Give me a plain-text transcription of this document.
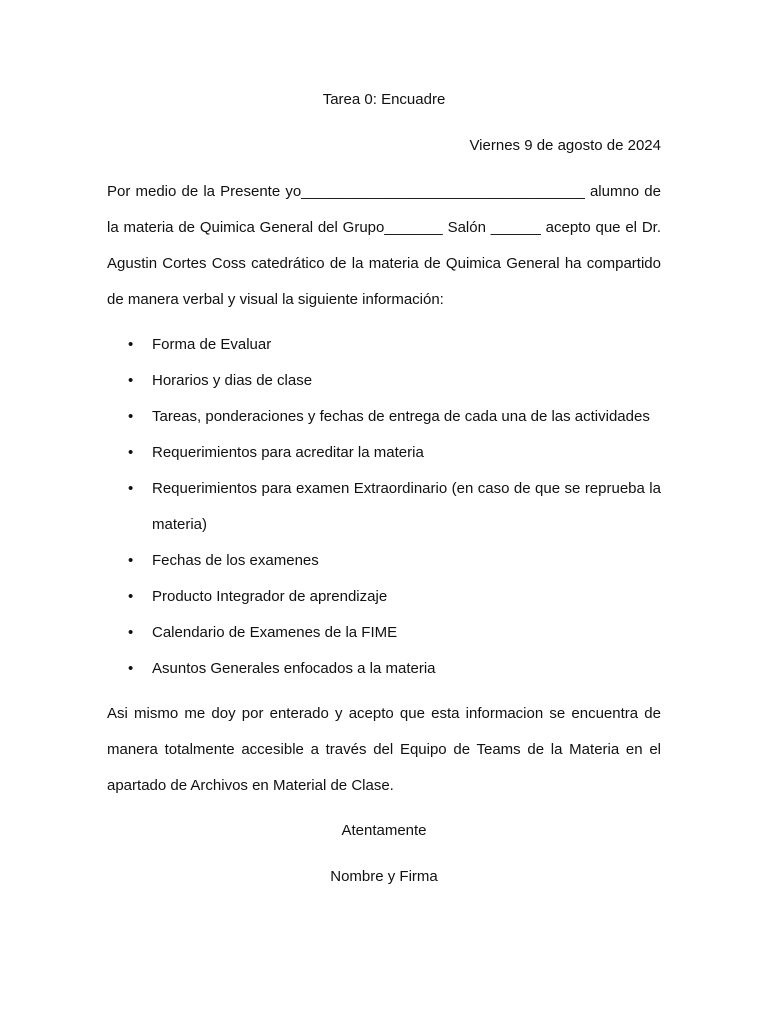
Tarea 0: Encuadre
Viernes 9 de agosto de 2024

Por medio de la Presente yo__________________________________ alumno de la materia de Quimica General del Grupo_______ Salón ______ acepto que el Dr. Agustin Cortes Coss catedrático de la materia de Quimica General ha compartido de manera verbal y visual la siguiente información:

• Forma de Evaluar
• Horarios y dias de clase
• Tareas, ponderaciones y fechas de entrega de cada una de las actividades
• Requerimientos para acreditar la materia
• Requerimientos para examen Extraordinario (en caso de que se reprueba la materia)
• Fechas de los examenes
• Producto Integrador de aprendizaje
• Calendario de Examenes de la FIME
• Asuntos Generales enfocados a la materia

Asi mismo me doy por enterado y acepto que esta informacion se encuentra de manera totalmente accesible a través del Equipo de Teams de la Materia en el apartado de Archivos en Material de Clase.

Atentamente
Nombre y Firma
